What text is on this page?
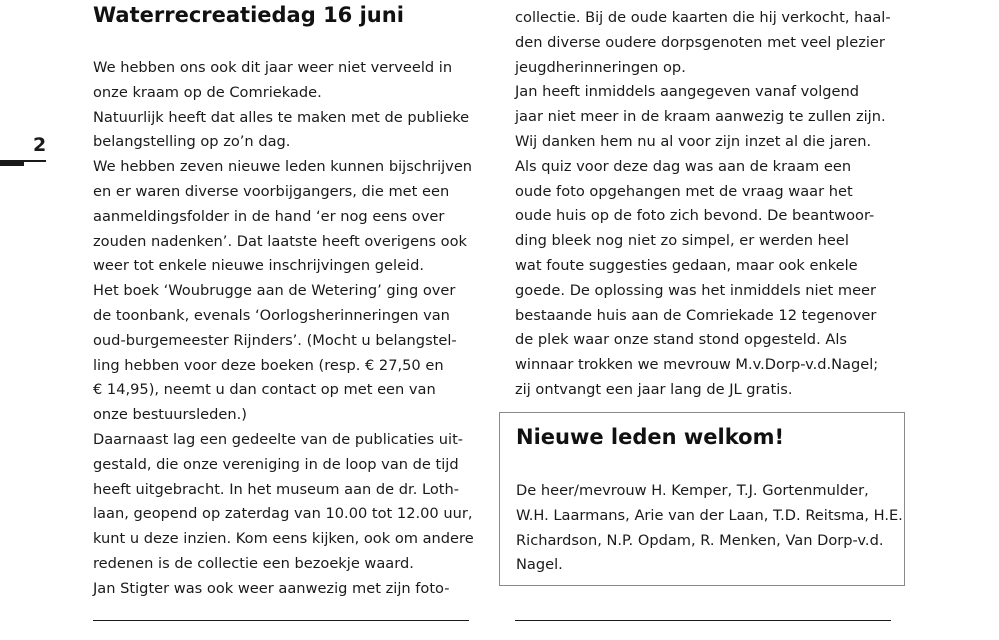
2
Waterrecreatiedag 16 juni
We hebben ons ook dit jaar weer niet verveeld in
onze kraam op de Comriekade.
Natuurlijk heeft dat alles te maken met de publieke
belangstelling op zo’n dag.
We hebben zeven nieuwe leden kunnen bijschrijven
en er waren diverse voorbijgangers, die met een
aanmeldingsfolder in de hand ‘er nog eens over
zouden nadenken’. Dat laatste heeft overigens ook
weer tot enkele nieuwe inschrijvingen geleid.
Het boek ‘Woubrugge aan de Wetering’ ging over
de toonbank, evenals ‘Oorlogsherinneringen van
oud-burgemeester Rijnders’. (Mocht u belangstel-
ling hebben voor deze boeken (resp. € 27,50 en
€ 14,95), neemt u dan contact op met een van
onze bestuursleden.)
Daarnaast lag een gedeelte van de publicaties uit-
gestald, die onze vereniging in de loop van de tijd
heeft uitgebracht. In het museum aan de dr. Loth-
laan, geopend op zaterdag van 10.00 tot 12.00 uur,
kunt u deze inzien. Kom eens kijken, ook om andere
redenen is de collectie een bezoekje waard.
Jan Stigter was ook weer aanwezig met zijn foto-
collectie. Bij de oude kaarten die hij verkocht, haal-
den diverse oudere dorpsgenoten met veel plezier
jeugdherinneringen op.
Jan heeft inmiddels aangegeven vanaf volgend
jaar niet meer in de kraam aanwezig te zullen zijn.
Wij danken hem nu al voor zijn inzet al die jaren.
Als quiz voor deze dag was aan de kraam een
oude foto opgehangen met de vraag waar het
oude huis op de foto zich bevond. De beantwoor-
ding bleek nog niet zo simpel, er werden heel
wat foute suggesties gedaan, maar ook enkele
goede. De oplossing was het inmiddels niet meer
bestaande huis aan de Comriekade 12 tegenover
de plek waar onze stand stond opgesteld. Als
winnaar trokken we mevrouw M.v.Dorp-v.d.Nagel;
zij ontvangt een jaar lang de JL gratis.
Nieuwe leden welkom!
De heer/mevrouw H. Kemper, T.J. Gortenmulder,
W.H. Laarmans, Arie van der Laan, T.D. Reitsma, H.E.
Richardson, N.P. Opdam, R. Menken, Van Dorp-v.d.
Nagel.
